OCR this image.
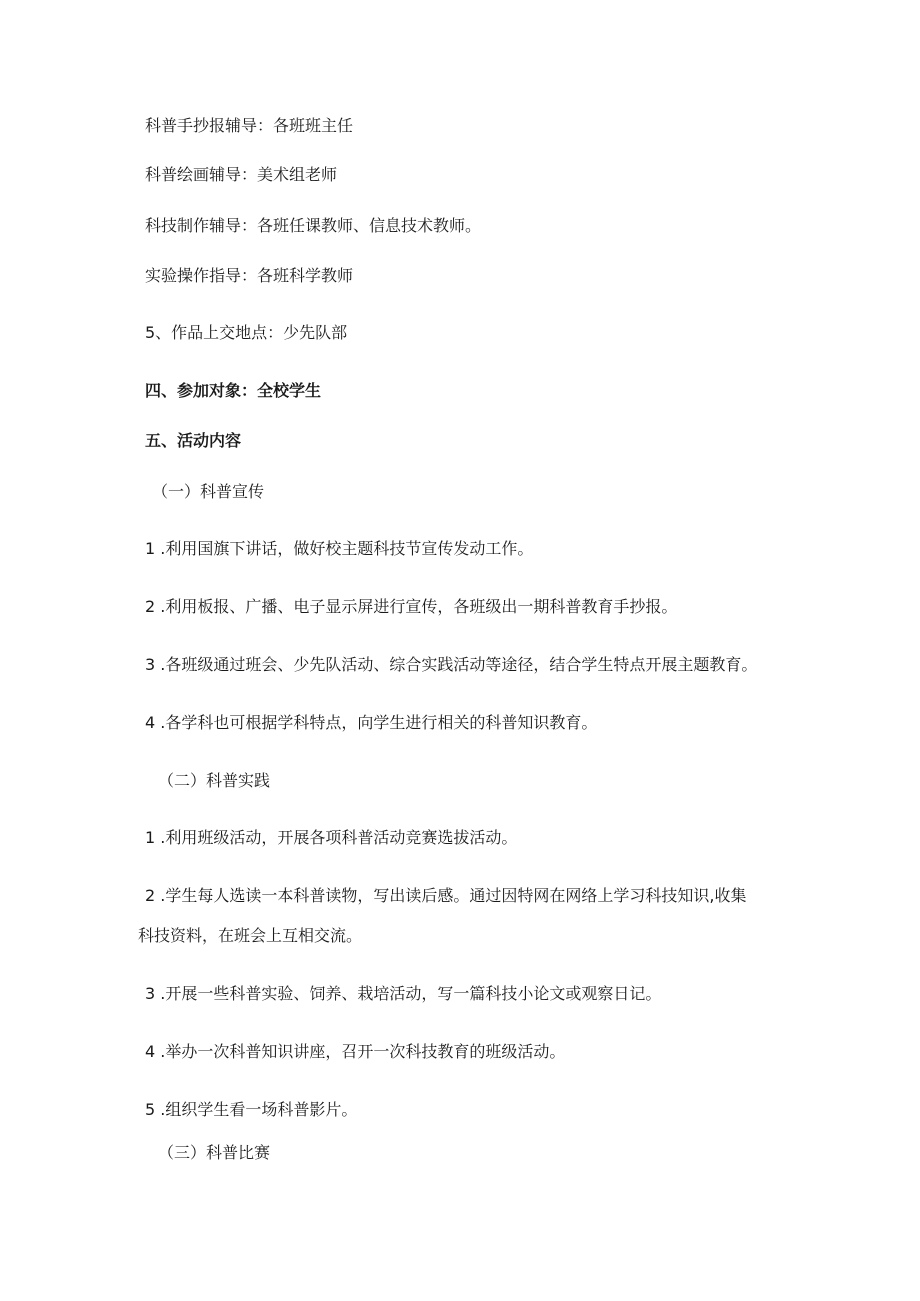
科普手抄报辅导：各班班主任
科普绘画辅导：美术组老师
科技制作辅导：各班任课教师、信息技术教师。
实验操作指导：各班科学教师
5、作品上交地点：少先队部
四、参加对象：全校学生
五、活动内容
（一）科普宣传
1 .利用国旗下讲话，做好校主题科技节宣传发动工作。
2 .利用板报、广播、电子显示屏进行宣传，各班级出一期科普教育手抄报。
3 .各班级通过班会、少先队活动、综合实践活动等途径，结合学生特点开展主题教育。
4 .各学科也可根据学科特点，向学生进行相关的科普知识教育。
（二）科普实践
1 .利用班级活动，开展各项科普活动竞赛选拔活动。
2 .学生每人选读一本科普读物，写出读后感。通过因特网在网络上学习科技知识,收集
科技资料，在班会上互相交流。
3 .开展一些科普实验、饲养、栽培活动，写一篇科技小论文或观察日记。
4 .举办一次科普知识讲座，召开一次科技教育的班级活动。
5 .组织学生看一场科普影片。
（三）科普比赛
